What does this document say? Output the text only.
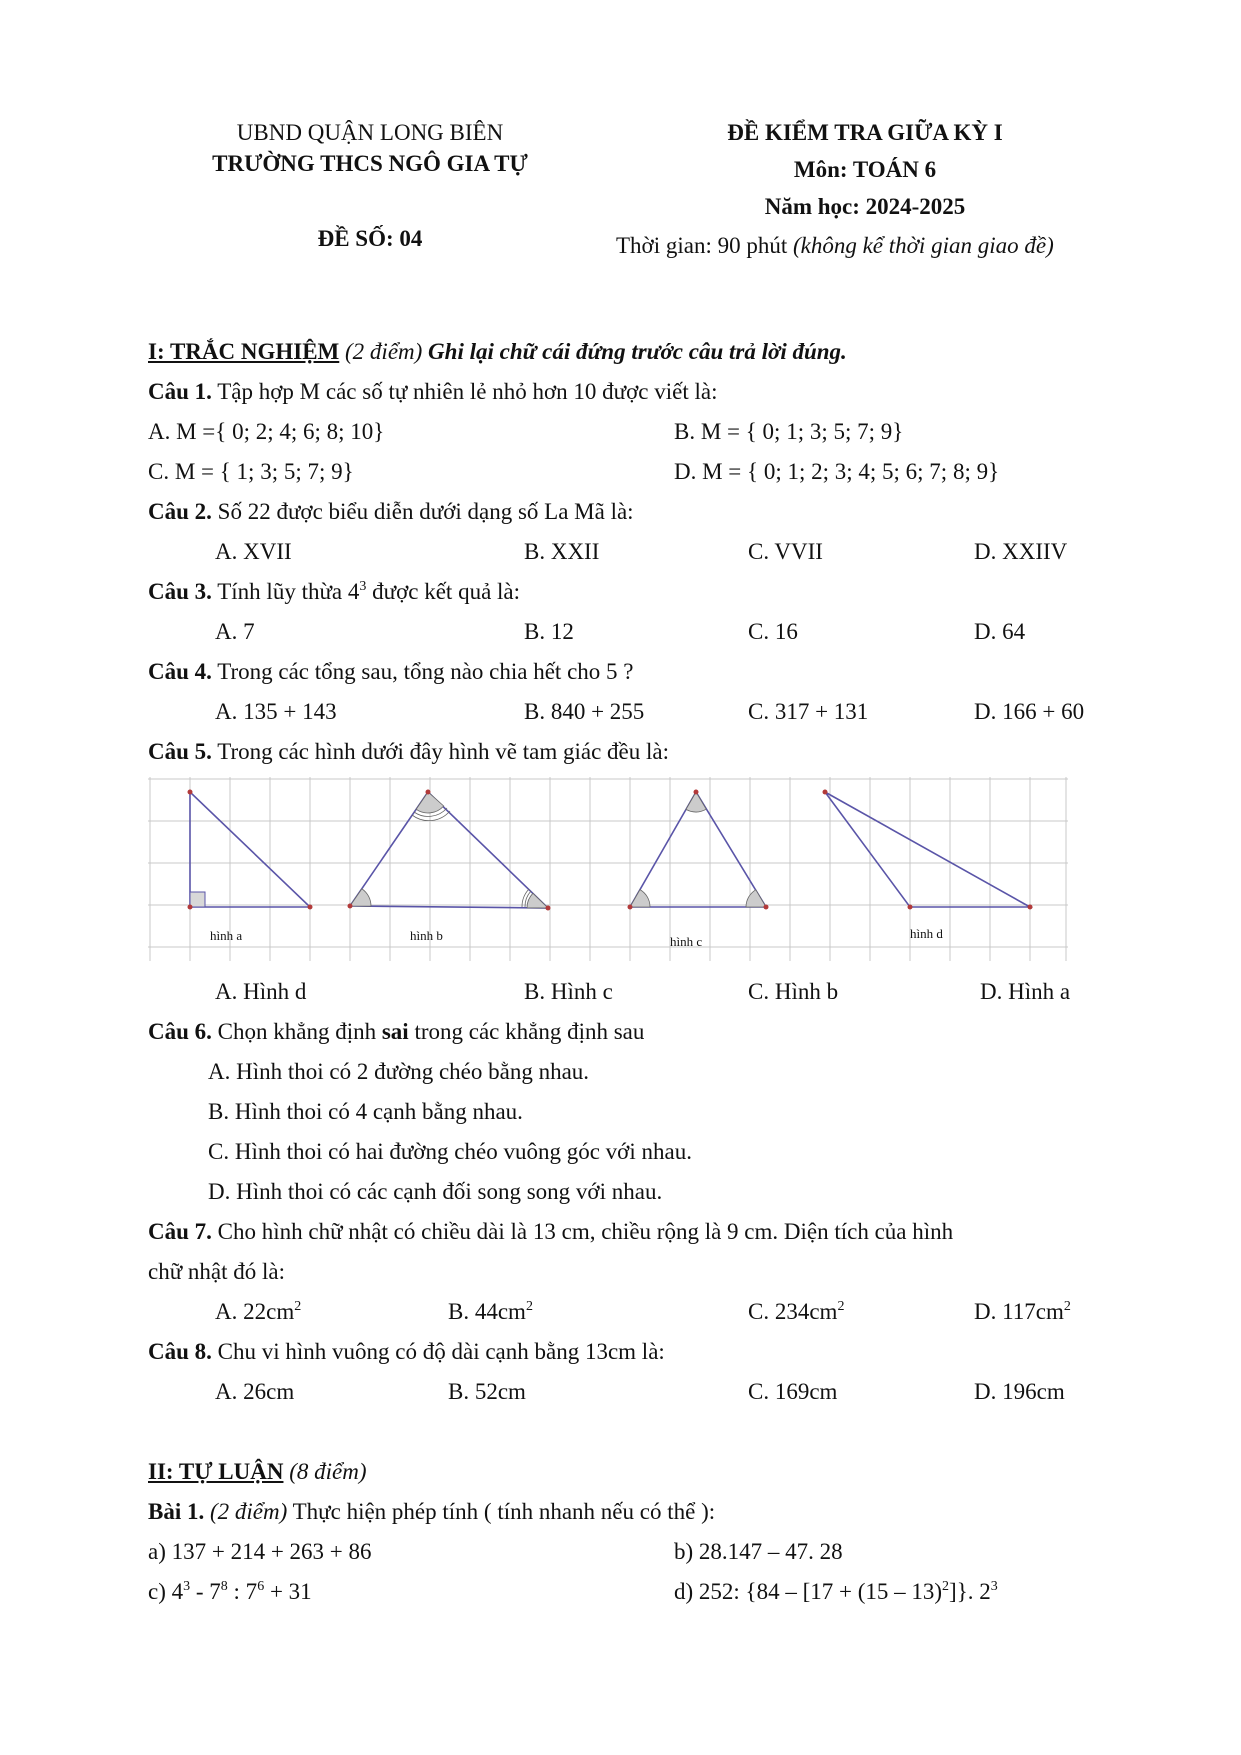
UBND QUẬN LONG BIÊN
TRƯỜNG THCS NGÔ GIA TỰ
ĐỀ SỐ: 04
ĐỀ KIỂM TRA GIỮA KỲ I
Môn: TOÁN 6
Năm học: 2024-2025
Thời gian: 90 phút (không kể thời gian giao đề)
I: TRẮC NGHIỆM (2 điểm) Ghi lại chữ cái đứng trước câu trả lời đúng.
Câu 1. Tập hợp M các số tự nhiên lẻ nhỏ hơn 10 được viết là:
A. M ={ 0; 2; 4; 6; 8; 10}	B. M = { 0; 1; 3; 5; 7; 9}
C. M = { 1; 3; 5; 7; 9}	D. M = { 0; 1; 2; 3; 4; 5; 6; 7; 8; 9}
Câu 2. Số 22 được biểu diễn dưới dạng số La Mã là:
A. XVII	B. XXII	C. VVII	D. XXIIV
Câu 3. Tính lũy thừa $4^3$ được kết quả là:
A. 7	B. 12	C. 16	D. 64
Câu 4. Trong các tổng sau, tổng nào chia hết cho 5 ?
A. 135 + 143	B. 840 + 255	C. 317 + 131	D. 166 + 60
Câu 5. Trong các hình dưới đây hình vẽ tam giác đều là:
hình a	hình b	hình c
hình d
A. Hình d	B. Hình c	C. Hình b	D. Hình a
Câu 6. Chọn khẳng định sai trong các khẳng định sau
A. Hình thoi có 2 đường chéo bằng nhau.
B. Hình thoi có 4 cạnh bằng nhau.
C. Hình thoi có hai đường chéo vuông góc với nhau.
D. Hình thoi có các cạnh đối song song với nhau.
Câu 7. Cho hình chữ nhật có chiều dài là 13 cm, chiều rộng là 9 cm. Diện tích của hình
chữ nhật đó là:
A. $22cm^2$	B. $44cm^2$	C. $234cm^2$	D. $117cm^2$
Câu 8. Chu vi hình vuông có độ dài cạnh bằng 13cm là:
A. 26cm	B. 52cm	C. 169cm	D. 196cm
II: TỰ LUẬN (8 điểm)
Bài 1. (2 điểm) Thực hiện phép tính ( tính nhanh nếu có thể ):
a) 137 + 214 + 263 + 86	b) 28.147 – 47. 28
c) $4^3 - 7^8$ : $7^6 + 31$	d) 252: {84 – [17 + (15 – 13)$^2$]}. $2^3$
